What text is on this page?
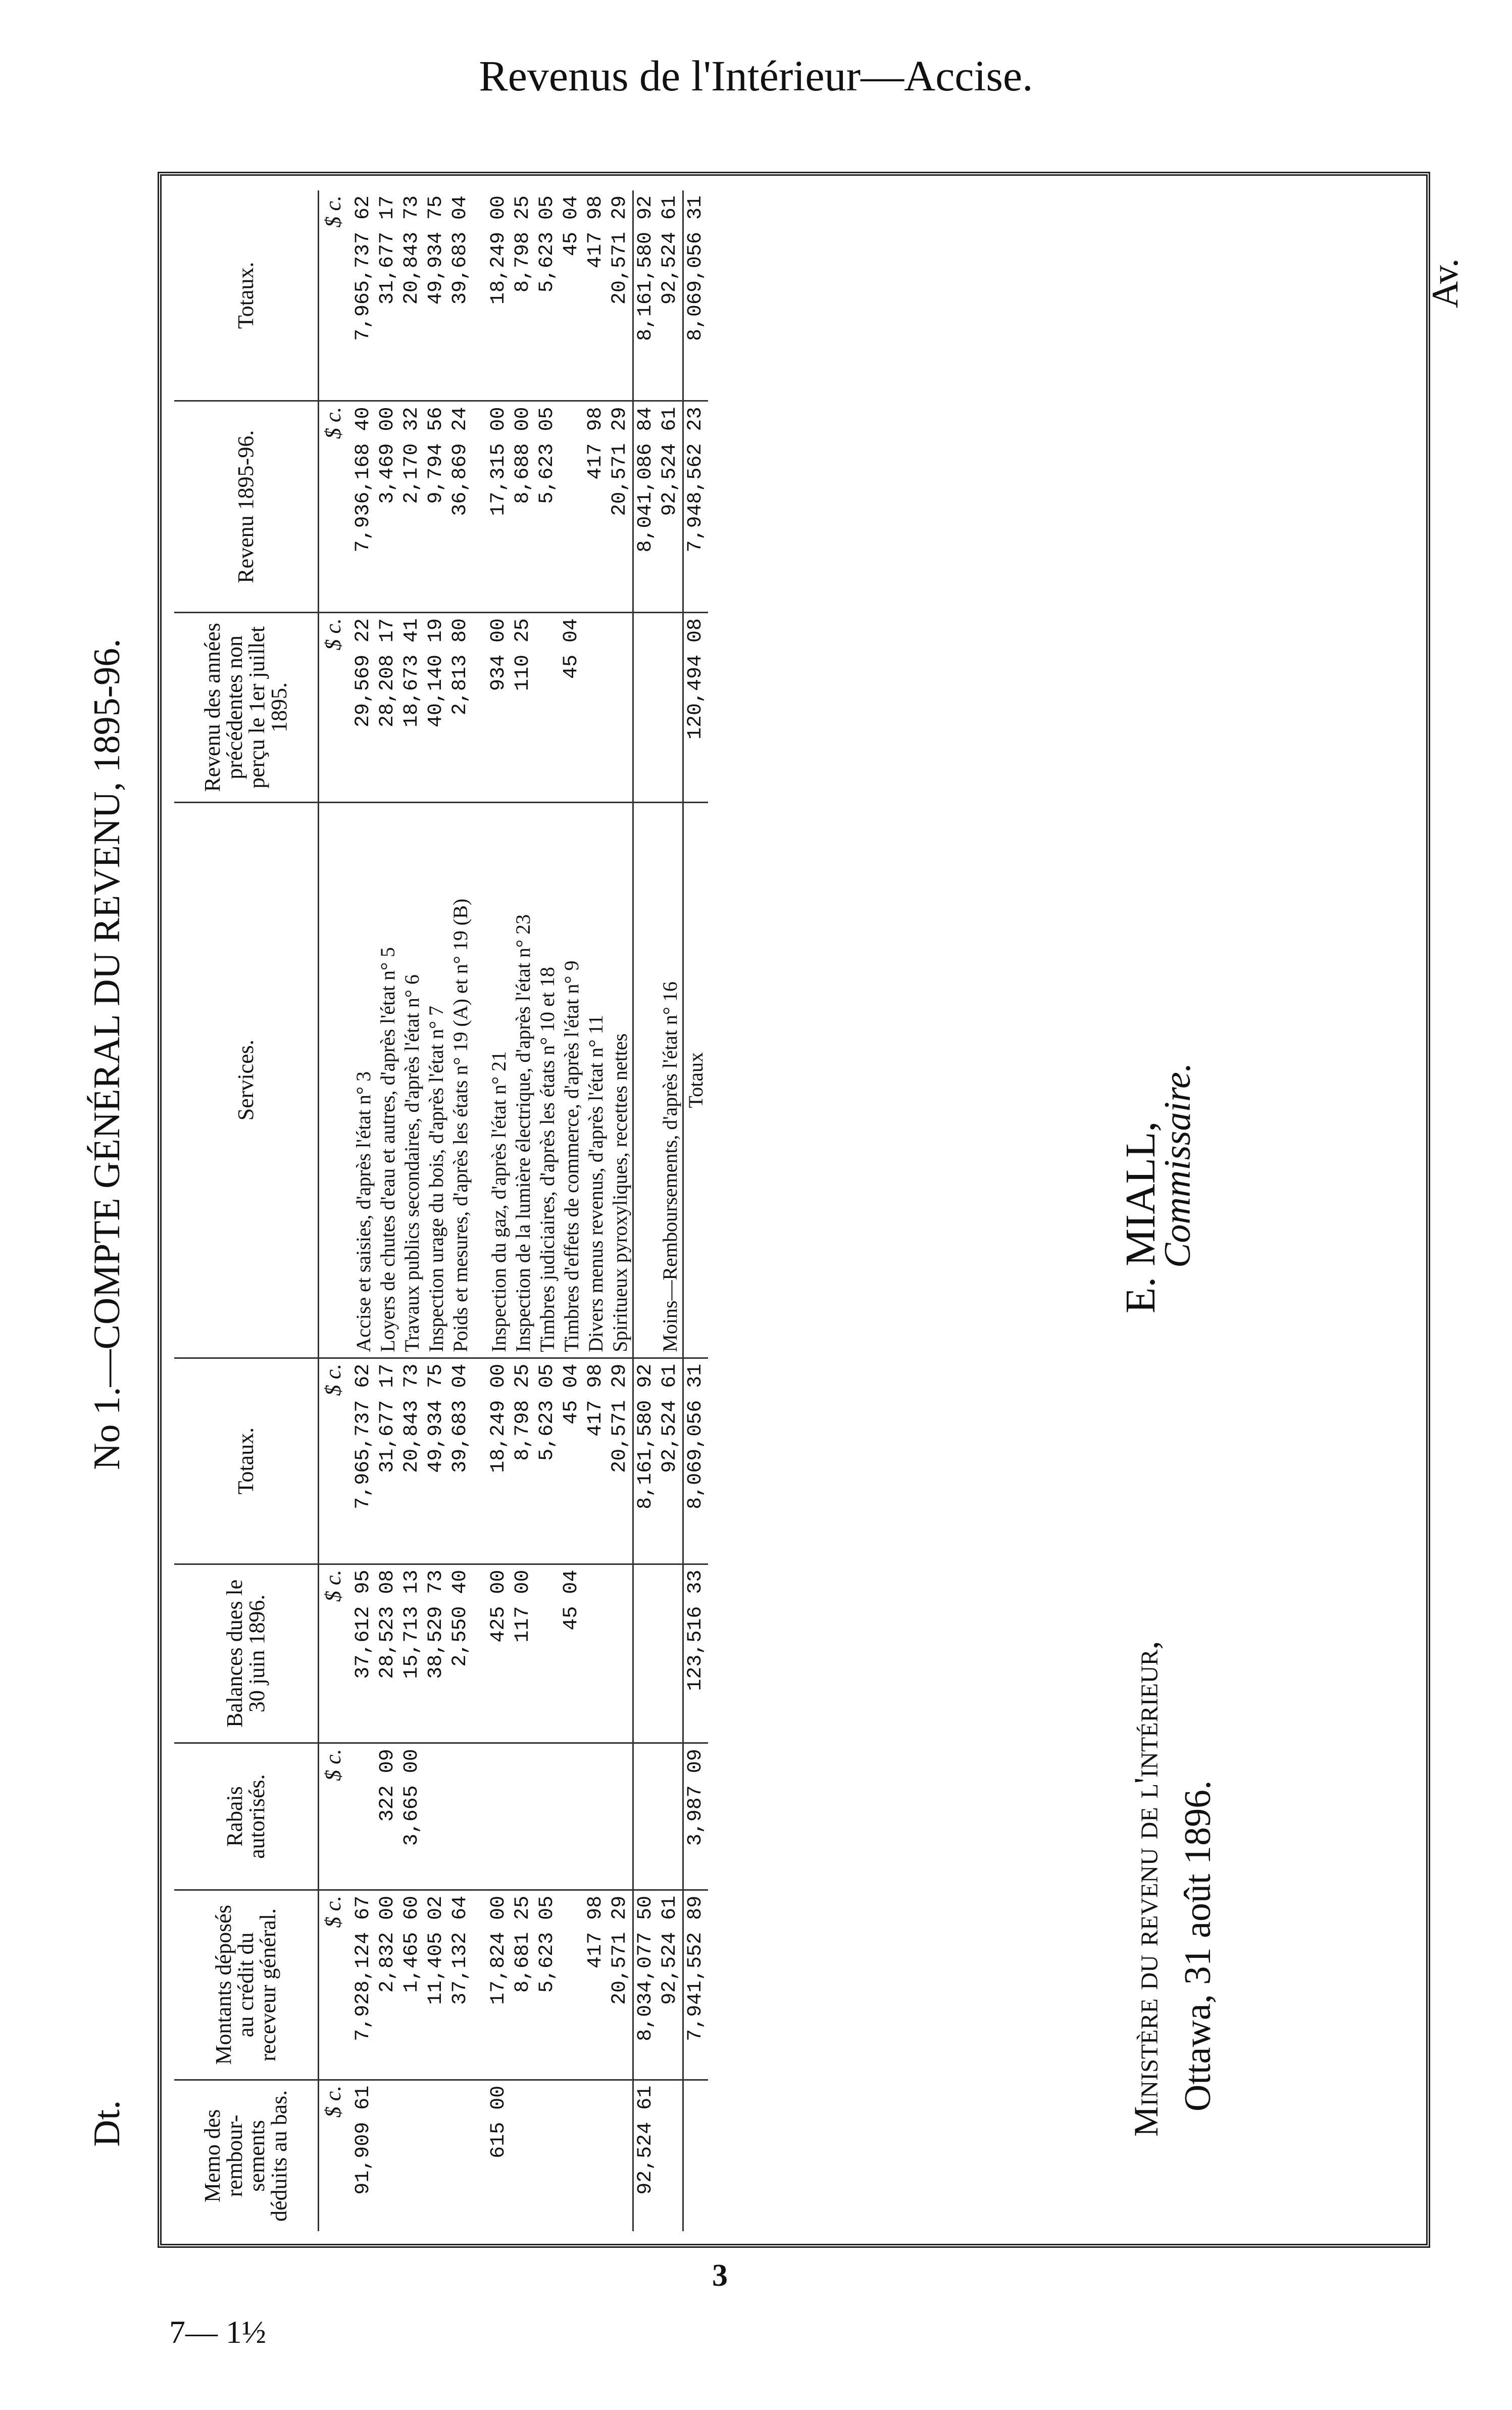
Revenus de l'Intérieur—Accise.
Dt.
No 1.—COMPTE GÉNÉRAL DU REVENU, 1895-96.
Av.
Memo des rembour-sements déduits au bas.	Montants déposés au crédit du receveur général.	Rabais autorisés.	Balances dues le 30 juin 1896.	Totaux.	Services.	Revenu des années précédentes non perçu le 1er juillet 1895.	Revenu 1895-96.	Totaux.
$ c.	$ c.	$ c.	$ c.	$ c.		$ c.	$ c.	$ c.
91,909 61	7,928,124 67		37,612 95	7,965,737 62	Accise et saisies, d'après l'état n° 3	29,569 22	7,936,168 40	7,965,737 62
	2,832 00	322 09	28,523 08	31,677 17	Loyers de chutes d'eau et autres, d'après l'état n° 5	28,208 17	3,469 00	31,677 17
	1,465 60	3,665 00	15,713 13	20,843 73	Travaux publics secondaires, d'après l'état n° 6	18,673 41	2,170 32	20,843 73
	11,405 02		38,529 73	49,934 75	Inspection urage du bois, d'après l'état n° 7	40,140 19	9,794 56	49,934 75
	37,132 64		2,550 40	39,683 04	Poids et mesures, d'après les états n° 19 (A) et n° 19 (B)	2,813 80	36,869 24	39,683 04

615 00	17,824 00		425 00	18,249 00	Inspection du gaz, d'après l'état n° 21	934 00	17,315 00	18,249 00
	8,681 25		117 00	8,798 25	Inspection de la lumière électrique, d'après l'état n° 23	110 25	8,688 00	8,798 25
	5,623 05			5,623 05	Timbres judiciaires, d'après les états n° 10 et 18		5,623 05	5,623 05
			45 04	45 04	Timbres d'effets de commerce, d'après l'état n° 9	45 04		45 04
	417 98			417 98	Divers menus revenus, d'après l'état n° 11		417 98	417 98
	20,571 29			20,571 29	Spiritueux pyroxyliques, recettes nettes		20,571 29	20,571 29
92,524 61	8,034,077 50			8,161,580 92			8,041,086 84	8,161,580 92
	92,524 61			92,524 61	Moins—Remboursements, d'après l'état n° 16		92,524 61	92,524 61
	7,941,552 89	3,987 09	123,516 33	8,069,056 31	Totaux	120,494 08	7,948,562 23	8,069,056 31
E. MIALL,
Commissaire.
Ministère du revenu de l'intérieur, Ottawa, 31 août 1896.
3
7— 1½
